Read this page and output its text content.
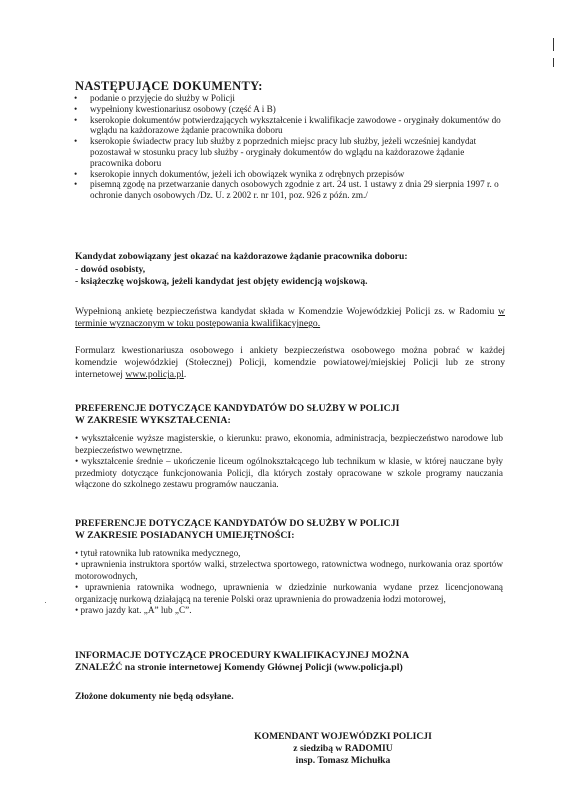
NASTĘPUJĄCE DOKUMENTY:
• podanie o przyjęcie do służby w Policji
• wypełniony kwestionariusz osobowy (część A i B)
• kserokopie dokumentów potwierdzających wykształcenie i kwalifikacje zawodowe - oryginały dokumentów do wglądu na każdorazowe żądanie pracownika doboru
• kserokopie świadectw pracy lub służby z poprzednich miejsc pracy lub służby, jeżeli wcześniej kandydat pozostawał w stosunku pracy lub służby - oryginały dokumentów do wglądu na każdorazowe żądanie pracownika doboru
• kserokopie innych dokumentów, jeżeli ich obowiązek wynika z odrębnych przepisów
• pisemną zgodę na przetwarzanie danych osobowych zgodnie z art. 24 ust. 1 ustawy z dnia 29 sierpnia 1997 r. o ochronie danych osobowych /Dz. U. z 2002 r. nr 101, poz. 926 z późn. zm./
Kandydat zobowiązany jest okazać na każdorazowe żądanie pracownika doboru:
- dowód osobisty,
- książeczkę wojskową, jeżeli kandydat jest objęty ewidencją wojskową.

Wypełnioną ankietę bezpieczeństwa kandydat składa w Komendzie Wojewódzkiej Policji zs. w Radomiu w terminie wyznaczonym w toku postępowania kwalifikacyjnego.

Formularz kwestionariusza osobowego i ankiety bezpieczeństwa osobowego można pobrać w każdej komendzie wojewódzkiej (Stołecznej) Policji, komendzie powiatowej/miejskiej Policji lub ze strony internetowej www.policja.pl.

PREFERENCJE DOTYCZĄCE KANDYDATÓW DO SŁUŻBY W POLICJI
W ZAKRESIE WYKSZTAŁCENIA:
• wykształcenie wyższe magisterskie, o kierunku: prawo, ekonomia, administracja, bezpieczeństwo narodowe lub bezpieczeństwo wewnętrzne.
• wykształcenie średnie – ukończenie liceum ogólnokształcącego lub technikum w klasie, w której nauczane były przedmioty dotyczące funkcjonowania Policji, dla których zostały opracowane w szkole programy nauczania włączone do szkolnego zestawu programów nauczania.
PREFERENCJE DOTYCZĄCE KANDYDATÓW DO SŁUŻBY W POLICJI
W ZAKRESIE POSIADANYCH UMIEJĘTNOŚCI:
• tytuł ratownika lub ratownika medycznego,
• uprawnienia instruktora sportów walki, strzelectwa sportowego, ratownictwa wodnego, nurkowania oraz sportów motorowodnych,
• uprawnienia ratownika wodnego, uprawnienia w dziedzinie nurkowania wydane przez licencjonowaną organizację nurkową działającą na terenie Polski oraz uprawnienia do prowadzenia łodzi motorowej,
• prawo jazdy kat. „A” lub „C”.
INFORMACJE DOTYCZĄCE PROCEDURY KWALIFIKACYJNEJ MOŻNA
ZNALEŹĆ na stronie internetowej Komendy Głównej Policji (www.policja.pl)
Złożone dokumenty nie będą odsyłane.
KOMENDANT WOJEWÓDZKI POLICJI
z siedzibą w RADOMIU
insp. Tomasz Michułka
